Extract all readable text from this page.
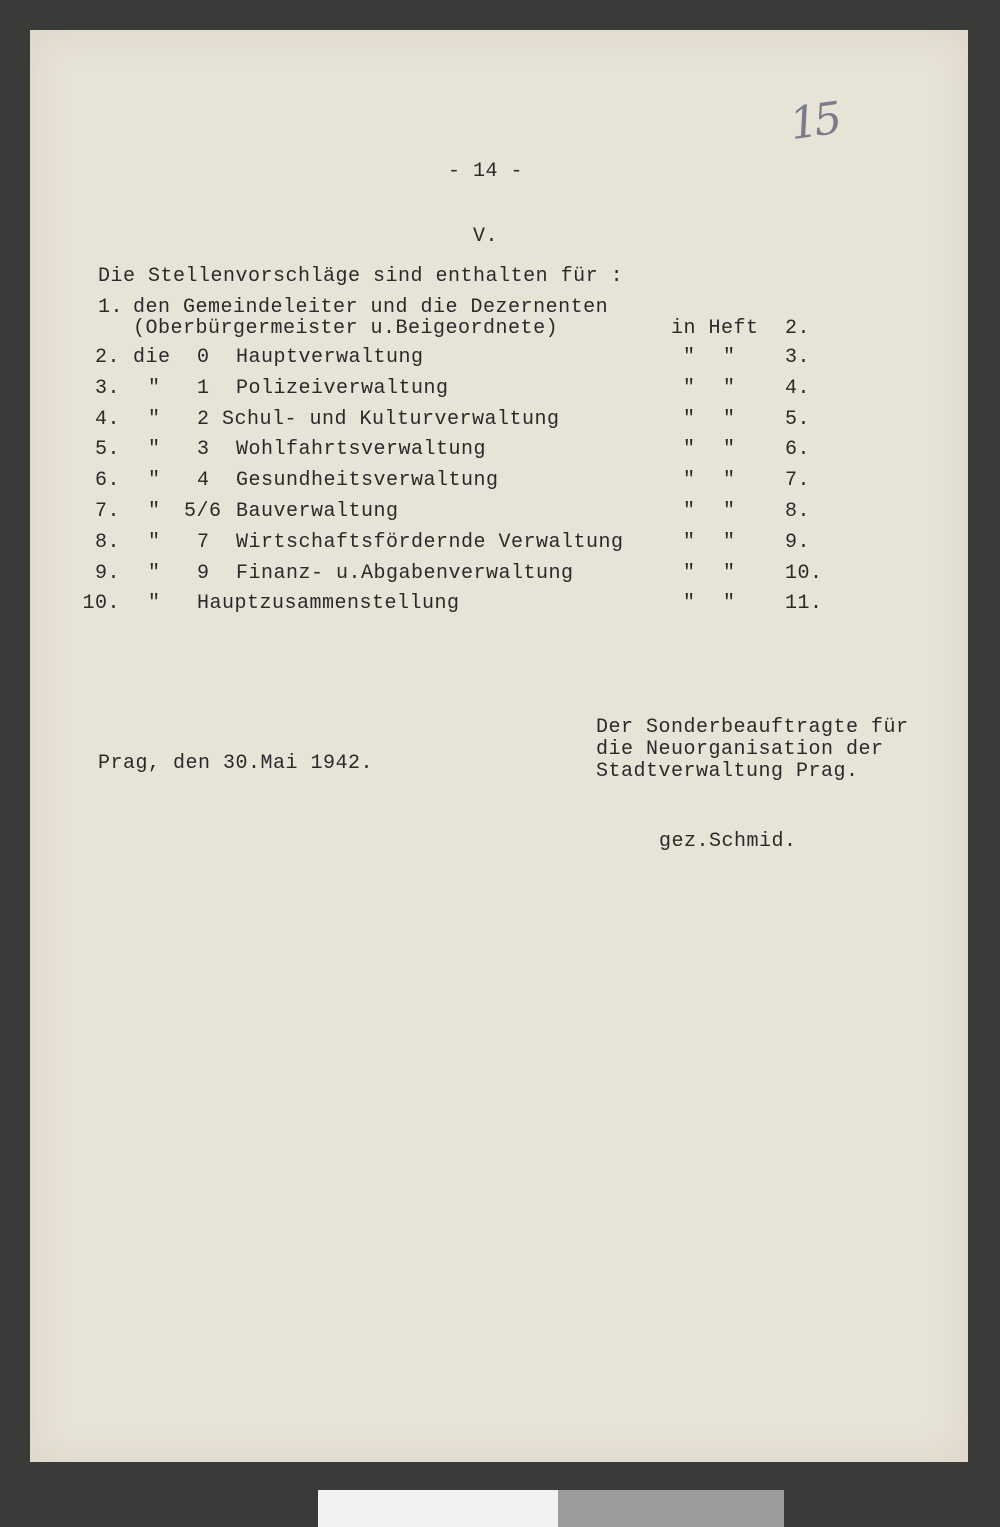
15
- 14 -
V.
Die Stellenvorschläge sind enthalten für :
1. den Gemeindeleiter und die Dezernenten
(Oberbürgermeister u.Beigeordnete)	in Heft 2.
2. die 0 Hauptverwaltung	" " 3.
3. " 1 Polizeiverwaltung	" " 4.
4. " 2 Schul- und Kulturverwaltung	" " 5.
5. " 3 Wohlfahrtsverwaltung	" " 6.
6. " 4 Gesundheitsverwaltung	" " 7.
7. " 5/6 Bauverwaltung	" " 8.
8. " 7 Wirtschaftsfördernde Verwaltung	" " 9.
9. " 9 Finanz- u.Abgabenverwaltung	" " 10.
10. " Hauptzusammenstellung	" " 11.
Prag, den 30.Mai 1942.
Der Sonderbeauftragte für
die Neuorganisation der
Stadtverwaltung Prag.
gez.Schmid.
